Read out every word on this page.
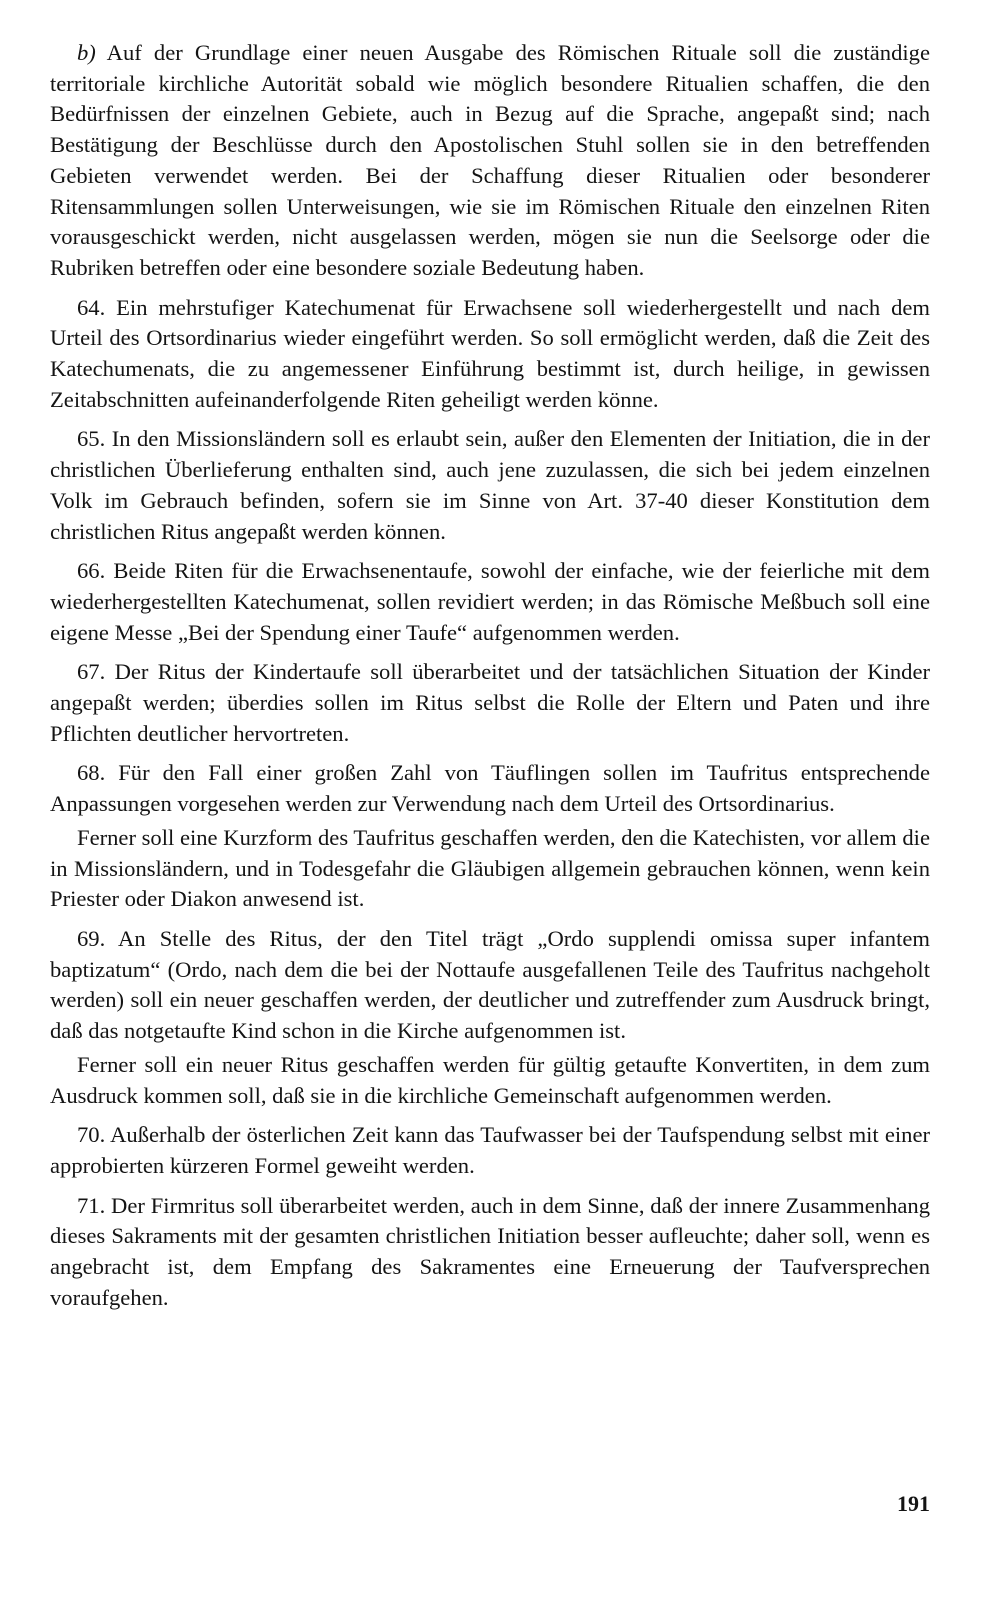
b) Auf der Grundlage einer neuen Ausgabe des Römischen Rituale soll die zuständige territoriale kirchliche Autorität sobald wie möglich besondere Ritualien schaffen, die den Bedürfnissen der einzelnen Gebiete, auch in Bezug auf die Sprache, angepaßt sind; nach Bestätigung der Beschlüsse durch den Apostolischen Stuhl sollen sie in den betreffenden Gebieten verwendet werden. Bei der Schaffung dieser Ritualien oder besonderer Ritensammlungen sollen Unterweisungen, wie sie im Römischen Rituale den einzelnen Riten vorausgeschickt werden, nicht ausgelassen werden, mögen sie nun die Seelsorge oder die Rubriken betreffen oder eine besondere soziale Bedeutung haben.

64. Ein mehrstufiger Katechumenat für Erwachsene soll wiederhergestellt und nach dem Urteil des Ortsordinarius wieder eingeführt werden. So soll ermöglicht werden, daß die Zeit des Katechumenats, die zu angemessener Einführung bestimmt ist, durch heilige, in gewissen Zeitabschnitten aufeinanderfolgende Riten geheiligt werden könne.

65. In den Missionsländern soll es erlaubt sein, außer den Elementen der Initiation, die in der christlichen Überlieferung enthalten sind, auch jene zuzulassen, die sich bei jedem einzelnen Volk im Gebrauch befinden, sofern sie im Sinne von Art. 37-40 dieser Konstitution dem christlichen Ritus angepaßt werden können.

66. Beide Riten für die Erwachsenentaufe, sowohl der einfache, wie der feierliche mit dem wiederhergestellten Katechumenat, sollen revidiert werden; in das Römische Meßbuch soll eine eigene Messe „Bei der Spendung einer Taufe“ aufgenommen werden.

67. Der Ritus der Kindertaufe soll überarbeitet und der tatsächlichen Situation der Kinder angepaßt werden; überdies sollen im Ritus selbst die Rolle der Eltern und Paten und ihre Pflichten deutlicher hervortreten.

68. Für den Fall einer großen Zahl von Täuflingen sollen im Taufritus entsprechende Anpassungen vorgesehen werden zur Verwendung nach dem Urteil des Ortsordinarius.

Ferner soll eine Kurzform des Taufritus geschaffen werden, den die Katechisten, vor allem die in Missionsländern, und in Todesgefahr die Gläubigen allgemein gebrauchen können, wenn kein Priester oder Diakon anwesend ist.

69. An Stelle des Ritus, der den Titel trägt „Ordo supplendi omissa super infantem baptizatum“ (Ordo, nach dem die bei der Nottaufe ausgefallenen Teile des Taufritus nachgeholt werden) soll ein neuer geschaffen werden, der deutlicher und zutreffender zum Ausdruck bringt, daß das notgetaufte Kind schon in die Kirche aufgenommen ist.

Ferner soll ein neuer Ritus geschaffen werden für gültig getaufte Konvertiten, in dem zum Ausdruck kommen soll, daß sie in die kirchliche Gemeinschaft aufgenommen werden.

70. Außerhalb der österlichen Zeit kann das Taufwasser bei der Taufspendung selbst mit einer approbierten kürzeren Formel geweiht werden.

71. Der Firmritus soll überarbeitet werden, auch in dem Sinne, daß der innere Zusammenhang dieses Sakraments mit der gesamten christlichen Initiation besser aufleuchte; daher soll, wenn es angebracht ist, dem Empfang des Sakramentes eine Erneuerung der Taufversprechen voraufgehen.

191
